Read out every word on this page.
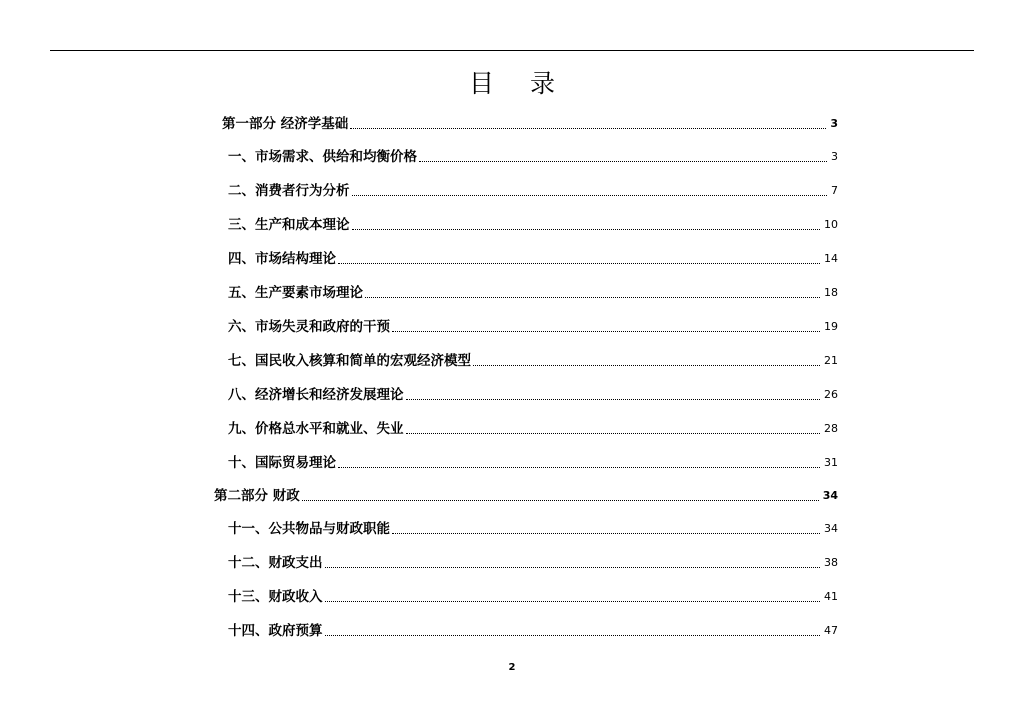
目 录
第一部分 经济学基础	3
一、市场需求、供给和均衡价格	3
二、消费者行为分析	7
三、生产和成本理论	10
四、市场结构理论	14
五、生产要素市场理论	18
六、市场失灵和政府的干预	19
七、国民收入核算和简单的宏观经济模型	21
八、经济增长和经济发展理论	26
九、价格总水平和就业、失业	28
十、国际贸易理论	31
第二部分 财政	34
十一、公共物品与财政职能	34
十二、财政支出	38
十三、财政收入	41
十四、政府预算	47
2
